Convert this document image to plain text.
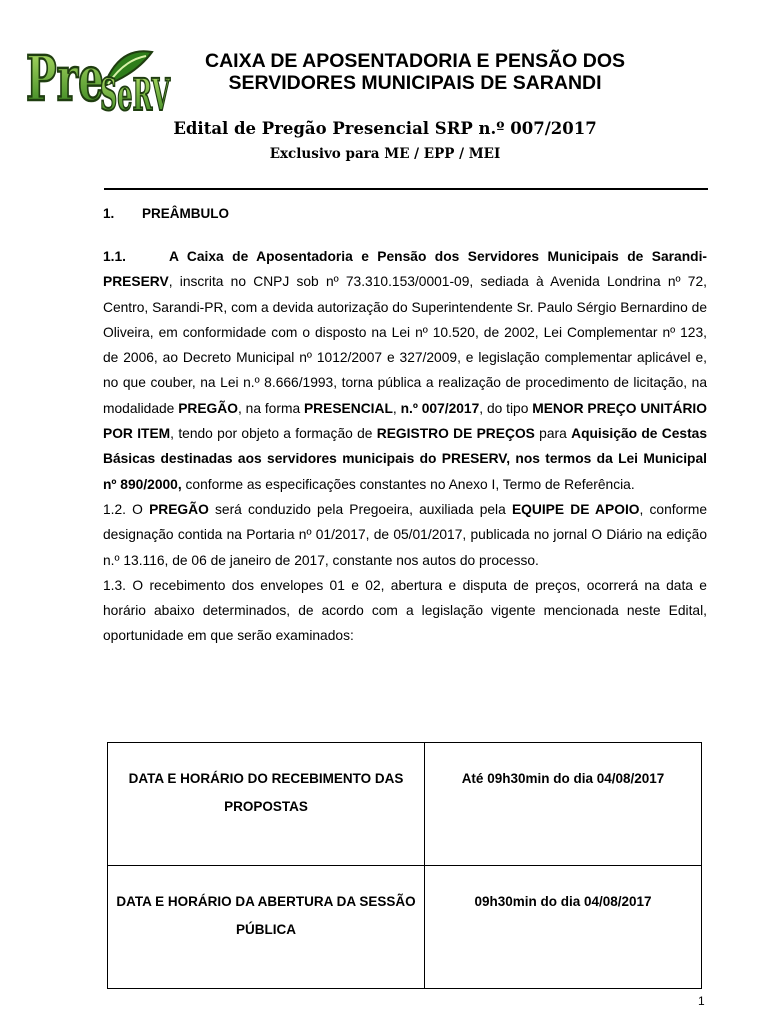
Pre
SeRV
CAIXA DE APOSENTADORIA E PENSÃO DOS
SERVIDORES MUNICIPAIS DE SARANDI
Edital de Pregão Presencial SRP n.º 007/2017
Exclusivo para ME / EPP / MEI
1. PREÂMBULO

1.1.	A Caixa de Aposentadoria e Pensão dos Servidores Municipais de Sarandi-PRESERV, inscrita no CNPJ sob nº 73.310.153/0001-09, sediada à Avenida Londrina nº 72, Centro, Sarandi-PR, com a devida autorização do Superintendente Sr. Paulo Sérgio Bernardino de Oliveira, em conformidade com o disposto na Lei nº 10.520, de 2002, Lei Complementar nº 123, de 2006, ao Decreto Municipal nº 1012/2007 e 327/2009, e legislação complementar aplicável e, no que couber, na Lei n.º 8.666/1993, torna pública a realização de procedimento de licitação, na modalidade PREGÃO, na forma PRESENCIAL, n.º 007/2017, do tipo MENOR PREÇO UNITÁRIO POR ITEM, tendo por objeto a formação de REGISTRO DE PREÇOS para Aquisição de Cestas Básicas destinadas aos servidores municipais do PRESERV, nos termos da Lei Municipal nº 890/2000, conforme as especificações constantes no Anexo I, Termo de Referência.

1.2. O PREGÃO será conduzido pela Pregoeira, auxiliada pela EQUIPE DE APOIO, conforme designação contida na Portaria nº 01/2017, de 05/01/2017, publicada no jornal O Diário na edição n.º 13.116, de 06 de janeiro de 2017, constante nos autos do processo.

1.3. O recebimento dos envelopes 01 e 02, abertura e disputa de preços, ocorrerá na data e horário abaixo determinados, de acordo com a legislação vigente mencionada neste Edital, oportunidade em que serão examinados:

DATA E HORÁRIO DO RECEBIMENTO DAS PROPOSTAS	Até 09h30min do dia 04/08/2017
DATA E HORÁRIO DA ABERTURA DA SESSÃO PÚBLICA	09h30min do dia 04/08/2017
1
